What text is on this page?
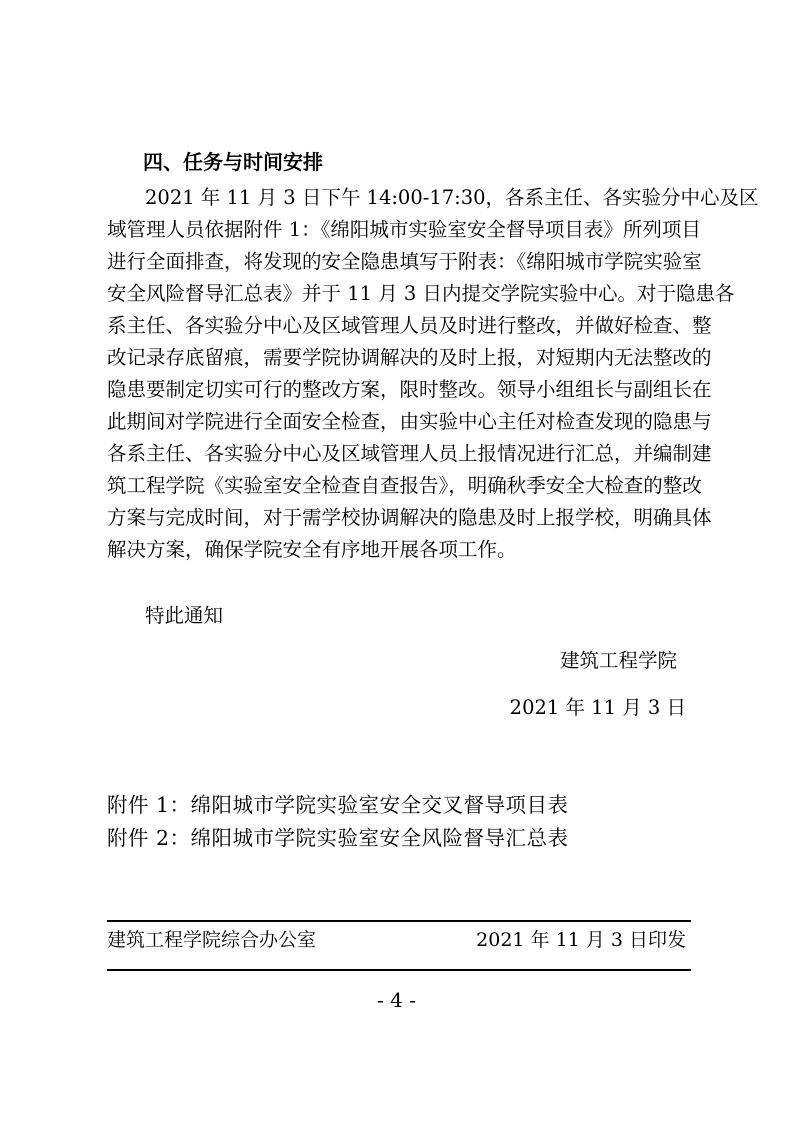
四、任务与时间安排
2021 年 11 月 3 日下午 14:00-17:30，各系主任、各实验分中心及区
域管理人员依据附件 1：《绵阳城市实验室安全督导项目表》所列项目
进行全面排查，将发现的安全隐患填写于附表：《绵阳城市学院实验室
安全风险督导汇总表》并于 11 月 3 日内提交学院实验中心。对于隐患各
系主任、各实验分中心及区域管理人员及时进行整改，并做好检查、整
改记录存底留痕，需要学院协调解决的及时上报，对短期内无法整改的
隐患要制定切实可行的整改方案，限时整改。领导小组组长与副组长在
此期间对学院进行全面安全检查，由实验中心主任对检查发现的隐患与
各系主任、各实验分中心及区域管理人员上报情况进行汇总，并编制建
筑工程学院《实验室安全检查自查报告》，明确秋季安全大检查的整改
方案与完成时间，对于需学校协调解决的隐患及时上报学校，明确具体
解决方案，确保学院安全有序地开展各项工作。
特此通知
建筑工程学院
2021 年 11 月 3 日
附件 1：绵阳城市学院实验室安全交叉督导项目表
附件 2：绵阳城市学院实验室安全风险督导汇总表
建筑工程学院综合办公室	2021 年 11 月 3 日印发
- 4 -
